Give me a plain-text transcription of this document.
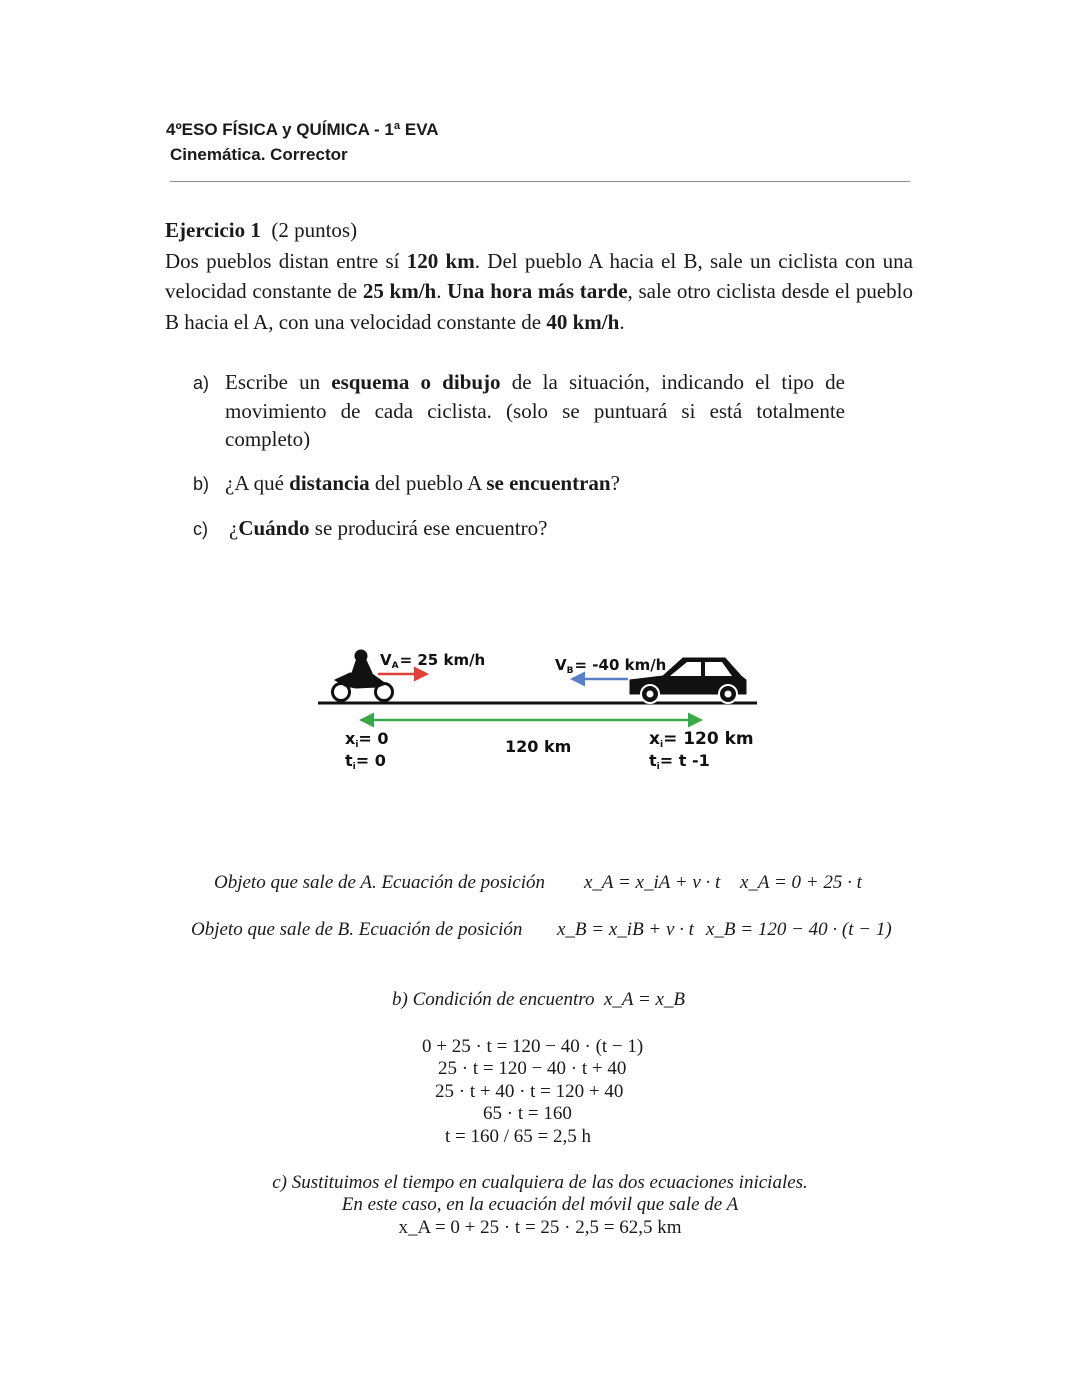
4ºESO FÍSICA y QUÍMICA - 1ª EVA
Cinemática. Corrector
Ejercicio 1 (2 puntos)
Dos pueblos distan entre sí 120 km. Del pueblo A hacia el B, sale un ciclista con una velocidad constante de 25 km/h. Una hora más tarde, sale otro ciclista desde el pueblo B hacia el A, con una velocidad constante de 40 km/h.
a) Escribe un esquema o dibujo de la situación, indicando el tipo de movimiento de cada ciclista. (solo se puntuará si está totalmente completo)
b) ¿A qué distancia del pueblo A se encuentran?
c) ¿Cuándo se producirá ese encuentro?
$V_A= 25$ km/h	$V_B= -40$ km/h
120 km
xi= 0
ti= 0
xi= 120 km
ti= t -1
Objeto que sale de A. Ecuación de posición x_A = x_iA + v · t x_A = 0 + 25 · t
Objeto que sale de B. Ecuación de posición x_B = x_iB + v · t x_B = 120 − 40 · (t − 1)
b) Condición de encuentro x_A = x_B
0 + 25 · t = 120 − 40 · (t − 1)
25 · t = 120 − 40 · t + 40
25 · t + 40 · t = 120 + 40
65 · t = 160
t = 160 / 65 = 2,5 h
c) Sustituimos el tiempo en cualquiera de las dos ecuaciones iniciales.
En este caso, en la ecuación del móvil que sale de A
x_A = 0 + 25 · t = 25 · 2,5 = 62,5 km
